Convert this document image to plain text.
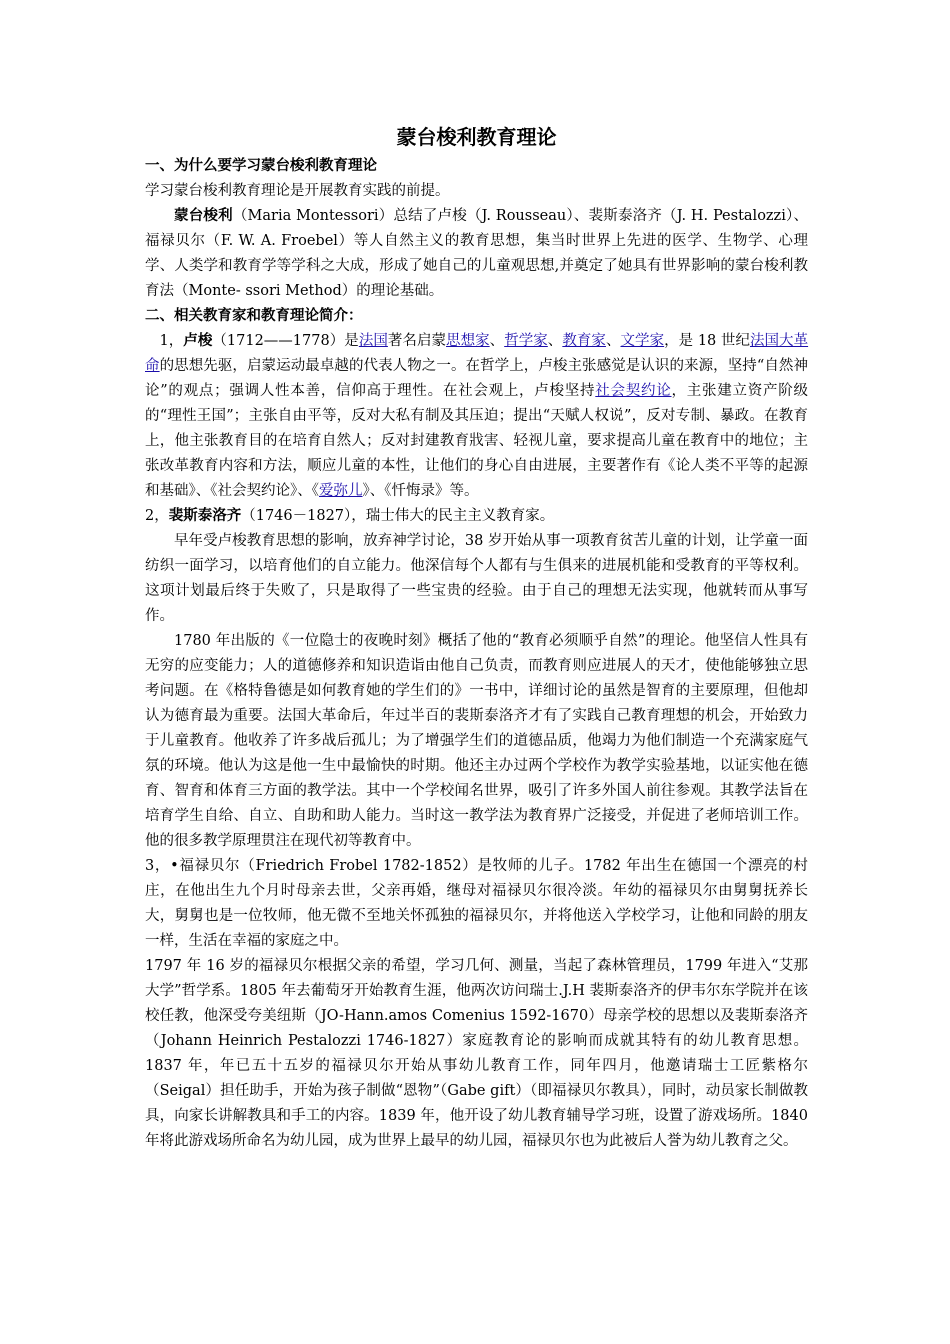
蒙台梭利教育理论

一、为什么要学习蒙台梭利教育理论

学习蒙台梭利教育理论是开展教育实践的前提。

蒙台梭利（Maria Montessori）总结了卢梭（J. Rousseau）、裴斯泰洛齐（J. H. Pestalozzi）、福禄贝尔（F. W. A. Froebel）等人自然主义的教育思想，集当时世界上先进的医学、生物学、心理学、人类学和教育学等学科之大成，形成了她自己的儿童观思想,并奠定了她具有世界影响的蒙台梭利教育法（Monte- ssori Method）的理论基础。

二、相关教育家和教育理论简介：

1，卢梭（1712——1778）是法国著名启蒙思想家、哲学家、教育家、文学家，是 18 世纪法国大革命的思想先驱，启蒙运动最卓越的代表人物之一。在哲学上，卢梭主张感觉是认识的来源，坚持“自然神论”的观点；强调人性本善，信仰高于理性。在社会观上，卢梭坚持社会契约论，主张建立资产阶级的“理性王国”；主张自由平等，反对大私有制及其压迫；提出“天赋人权说”，反对专制、暴政。在教育上，他主张教育目的在培育自然人；反对封建教育戕害、轻视儿童，要求提高儿童在教育中的地位；主张改革教育内容和方法，顺应儿童的本性，让他们的身心自由进展，主要著作有《论人类不平等的起源和基础》、《社会契约论》、《爱弥儿》、《忏悔录》等。

2，裴斯泰洛齐（1746－1827），瑞士伟大的民主主义教育家。

早年受卢梭教育思想的影响，放弃神学讨论，38 岁开始从事一项教育贫苦儿童的计划，让学童一面纺织一面学习，以培育他们的自立能力。他深信每个人都有与生俱来的进展机能和受教育的平等权利。这项计划最后终于失败了，只是取得了一些宝贵的经验。由于自己的理想无法实现，他就转而从事写作。

1780 年出版的《一位隐士的夜晚时刻》概括了他的“教育必须顺乎自然”的理论。他坚信人性具有无穷的应变能力；人的道德修养和知识造诣由他自己负责，而教育则应进展人的天才，使他能够独立思考问题。在《格特鲁德是如何教育她的学生们的》一书中，详细讨论的虽然是智育的主要原理，但他却认为德育最为重要。法国大革命后，年过半百的裴斯泰洛齐才有了实践自己教育理想的机会，开始致力于儿童教育。他收养了许多战后孤儿；为了增强学生们的道德品质，他竭力为他们制造一个充满家庭气氛的环境。他认为这是他一生中最愉快的时期。他还主办过两个学校作为教学实验基地，以证实他在德育、智育和体育三方面的教学法。其中一个学校闻名世界，吸引了许多外国人前往参观。其教学法旨在培育学生自给、自立、自助和助人能力。当时这一教学法为教育界广泛接受，并促进了老师培训工作。他的很多教学原理贯注在现代初等教育中。

3，•福禄贝尔（Friedrich Frobel 1782-1852）是牧师的儿子。1782 年出生在德国一个漂亮的村庄，在他出生九个月时母亲去世，父亲再婚，继母对福禄贝尔很冷淡。年幼的福禄贝尔由舅舅抚养长大，舅舅也是一位牧师，他无微不至地关怀孤独的福禄贝尔，并将他送入学校学习，让他和同龄的朋友一样，生活在幸福的家庭之中。

1797 年 16 岁的福禄贝尔根据父亲的希望，学习几何、测量，当起了森林管理员，1799 年进入“艾那大学”哲学系。1805 年去葡萄牙开始教育生涯，他两次访问瑞士.J.H 裴斯泰洛齐的伊韦尔东学院并在该校任教，他深受夸美纽斯（JO-Hann.amos Comenius 1592-1670）母亲学校的思想以及裴斯泰洛齐（Johann Heinrich Pestalozzi 1746-1827）家庭教育论的影响而成就其特有的幼儿教育思想。1837 年，年已五十五岁的福禄贝尔开始从事幼儿教育工作，同年四月，他邀请瑞士工匠紫格尔（Seigal）担任助手，开始为孩子制做“恩物”（Gabe gift）（即福禄贝尔教具），同时，动员家长制做教具，向家长讲解教具和手工的内容。1839 年，他开设了幼儿教育辅导学习班，设置了游戏场所。1840 年将此游戏场所命名为幼儿园，成为世界上最早的幼儿园，福禄贝尔也为此被后人誉为幼儿教育之父。
